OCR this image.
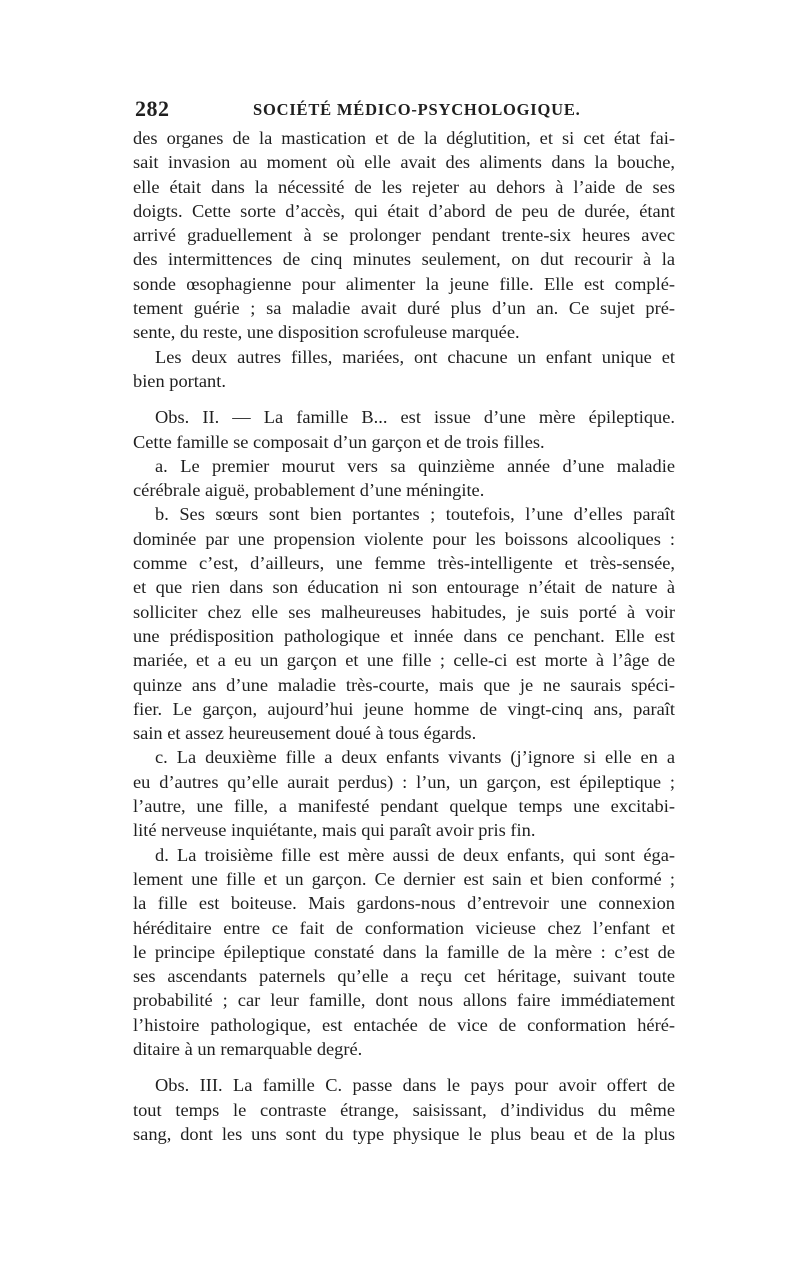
282	SOCIÉTÉ MÉDICO-PSYCHOLOGIQUE.
des organes de la mastication et de la déglutition, et si cet état fai-
sait invasion au moment où elle avait des aliments dans la bouche,
elle était dans la nécessité de les rejeter au dehors à l’aide de ses
doigts. Cette sorte d’accès, qui était d’abord de peu de durée, étant
arrivé graduellement à se prolonger pendant trente-six heures avec
des intermittences de cinq minutes seulement, on dut recourir à la
sonde œsophagienne pour alimenter la jeune fille. Elle est complé-
tement guérie ; sa maladie avait duré plus d’un an. Ce sujet pré-
sente, du reste, une disposition scrofuleuse marquée.
Les deux autres filles, mariées, ont chacune un enfant unique et
bien portant.
Obs. II. — La famille B... est issue d’une mère épileptique.
Cette famille se composait d’un garçon et de trois filles.
a. Le premier mourut vers sa quinzième année d’une maladie
cérébrale aiguë, probablement d’une méningite.
b. Ses sœurs sont bien portantes ; toutefois, l’une d’elles paraît
dominée par une propension violente pour les boissons alcooliques :
comme c’est, d’ailleurs, une femme très-intelligente et très-sensée,
et que rien dans son éducation ni son entourage n’était de nature à
solliciter chez elle ses malheureuses habitudes, je suis porté à voir
une prédisposition pathologique et innée dans ce penchant. Elle est
mariée, et a eu un garçon et une fille ; celle-ci est morte à l’âge de
quinze ans d’une maladie très-courte, mais que je ne saurais spéci-
fier. Le garçon, aujourd’hui jeune homme de vingt-cinq ans, paraît
sain et assez heureusement doué à tous égards.
c. La deuxième fille a deux enfants vivants (j’ignore si elle en a
eu d’autres qu’elle aurait perdus) : l’un, un garçon, est épileptique ;
l’autre, une fille, a manifesté pendant quelque temps une excitabi-
lité nerveuse inquiétante, mais qui paraît avoir pris fin.
d. La troisième fille est mère aussi de deux enfants, qui sont éga-
lement une fille et un garçon. Ce dernier est sain et bien conformé ;
la fille est boiteuse. Mais gardons-nous d’entrevoir une connexion
héréditaire entre ce fait de conformation vicieuse chez l’enfant et
le principe épileptique constaté dans la famille de la mère : c’est de
ses ascendants paternels qu’elle a reçu cet héritage, suivant toute
probabilité ; car leur famille, dont nous allons faire immédiatement
l’histoire pathologique, est entachée de vice de conformation héré-
ditaire à un remarquable degré.
Obs. III. La famille C. passe dans le pays pour avoir offert de
tout temps le contraste étrange, saisissant, d’individus du même
sang, dont les uns sont du type physique le plus beau et de la plus
